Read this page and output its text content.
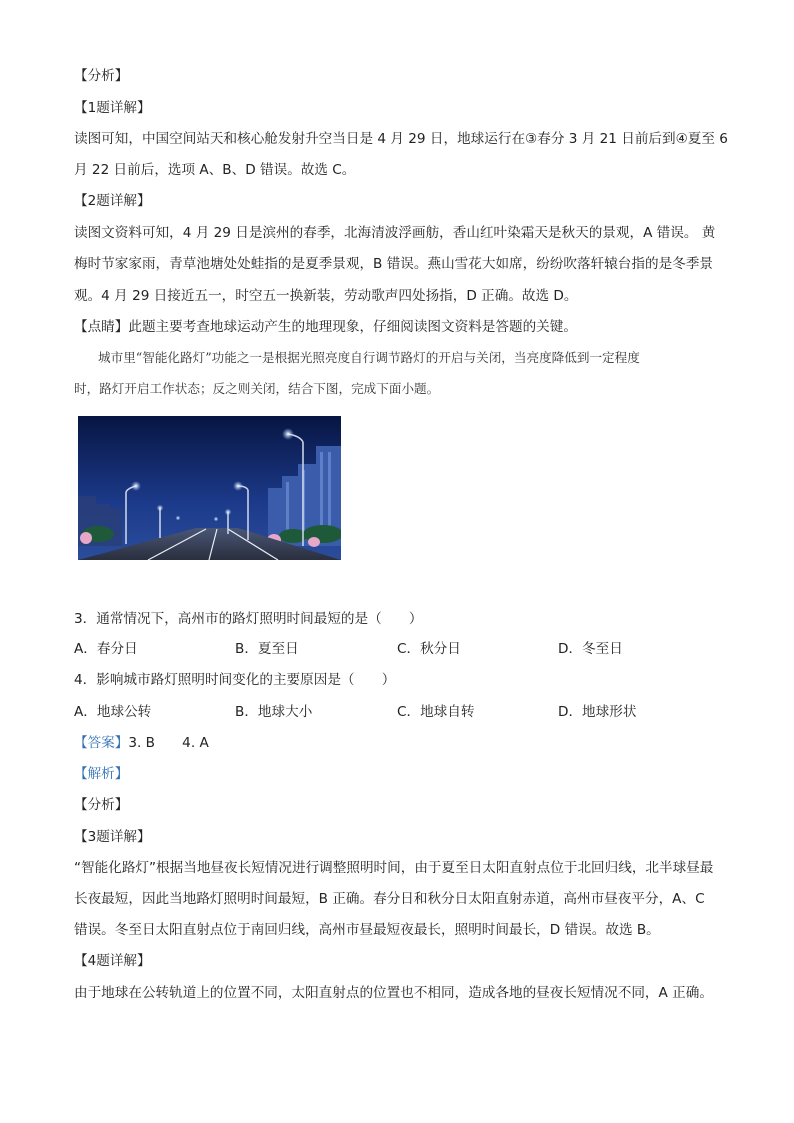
【分析】
【1题详解】
读图可知，中国空间站天和核心舱发射升空当日是 4 月 29 日，地球运行在③春分 3 月 21 日前后到④夏至 6
月 22 日前后，选项 A、B、D 错误。故选 C。
【2题详解】
读图文资料可知，4 月 29 日是滨州的春季，北海清波浮画舫，香山红叶染霜天是秋天的景观，A 错误。 黄
梅时节家家雨，青草池塘处处蛙指的是夏季景观，B 错误。燕山雪花大如席，纷纷吹落轩辕台指的是冬季景
观。4 月 29 日接近五一，时空五一换新装，劳动歌声四处扬指，D 正确。故选 D。
【点睛】此题主要考查地球运动产生的地理现象，仔细阅读图文资料是答题的关键。
城市里“智能化路灯”功能之一是根据光照亮度自行调节路灯的开启与关闭，当亮度降低到一定程度
时，路灯开启工作状态；反之则关闭，结合下图，完成下面小题。
3．通常情况下，高州市的路灯照明时间最短的是（　　）
A．春分日	B．夏至日	C．秋分日	D．冬至日
4．影响城市路灯照明时间变化的主要原因是（　　）
A．地球公转	B．地球大小	C．地球自转	D．地球形状
【答案】3. B　　4. A
【解析】
【分析】
【3题详解】
“智能化路灯”根据当地昼夜长短情况进行调整照明时间，由于夏至日太阳直射点位于北回归线，北半球昼最
长夜最短，因此当地路灯照明时间最短，B 正确。春分日和秋分日太阳直射赤道，高州市昼夜平分，A、C
错误。冬至日太阳直射点位于南回归线，高州市昼最短夜最长，照明时间最长，D 错误。故选 B。
【4题详解】
由于地球在公转轨道上的位置不同，太阳直射点的位置也不相同，造成各地的昼夜长短情况不同，A 正确。
